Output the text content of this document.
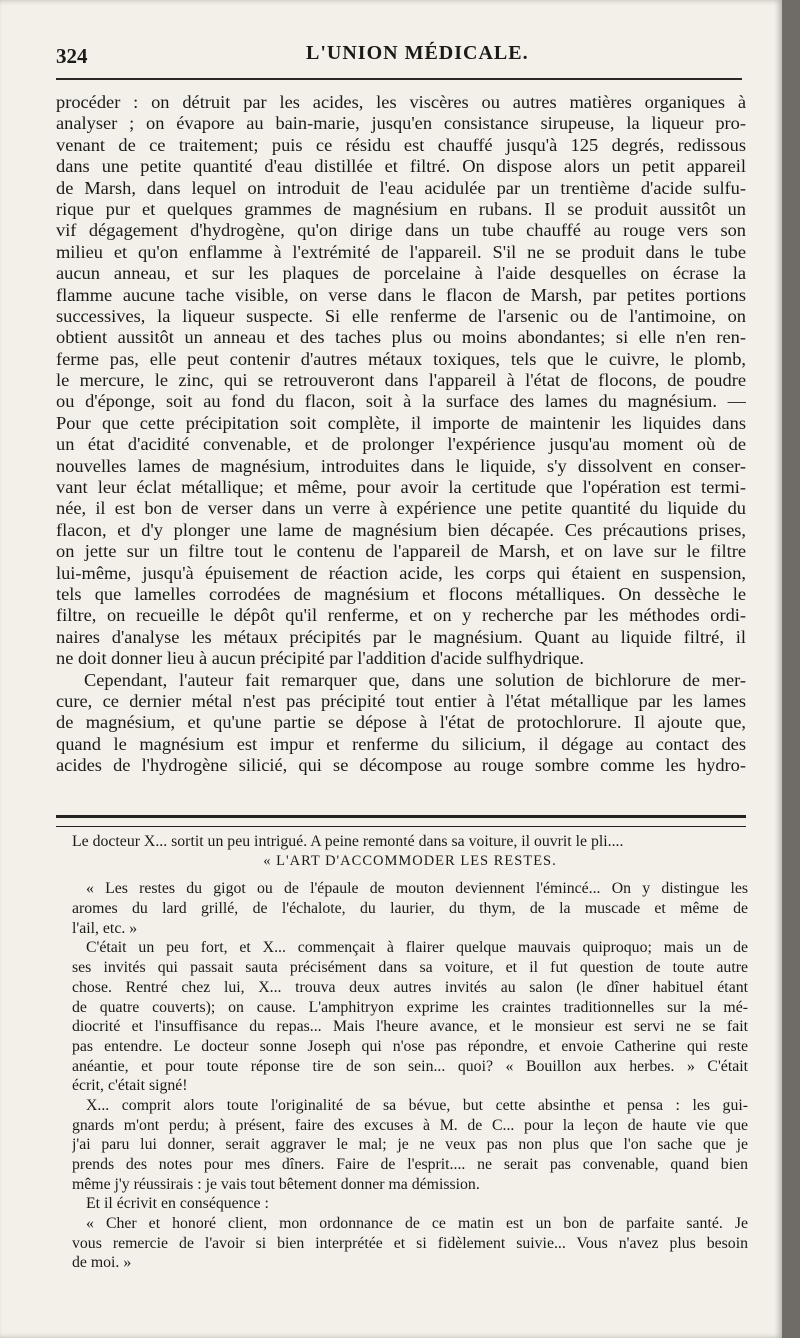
324	L'UNION MÉDICALE.
procéder : on détruit par les acides, les viscères ou autres matières organiques à
analyser ; on évapore au bain-marie, jusqu'en consistance sirupeuse, la liqueur pro-
venant de ce traitement; puis ce résidu est chauffé jusqu'à 125 degrés, redissous
dans une petite quantité d'eau distillée et filtré. On dispose alors un petit appareil
de Marsh, dans lequel on introduit de l'eau acidulée par un trentième d'acide sulfu-
rique pur et quelques grammes de magnésium en rubans. Il se produit aussitôt un
vif dégagement d'hydrogène, qu'on dirige dans un tube chauffé au rouge vers son
milieu et qu'on enflamme à l'extrémité de l'appareil. S'il ne se produit dans le tube
aucun anneau, et sur les plaques de porcelaine à l'aide desquelles on écrase la
flamme aucune tache visible, on verse dans le flacon de Marsh, par petites portions
successives, la liqueur suspecte. Si elle renferme de l'arsenic ou de l'antimoine, on
obtient aussitôt un anneau et des taches plus ou moins abondantes; si elle n'en ren-
ferme pas, elle peut contenir d'autres métaux toxiques, tels que le cuivre, le plomb,
le mercure, le zinc, qui se retrouveront dans l'appareil à l'état de flocons, de poudre
ou d'éponge, soit au fond du flacon, soit à la surface des lames du magnésium. —
Pour que cette précipitation soit complète, il importe de maintenir les liquides dans
un état d'acidité convenable, et de prolonger l'expérience jusqu'au moment où de
nouvelles lames de magnésium, introduites dans le liquide, s'y dissolvent en conser-
vant leur éclat métallique; et même, pour avoir la certitude que l'opération est termi-
née, il est bon de verser dans un verre à expérience une petite quantité du liquide du
flacon, et d'y plonger une lame de magnésium bien décapée. Ces précautions prises,
on jette sur un filtre tout le contenu de l'appareil de Marsh, et on lave sur le filtre
lui-même, jusqu'à épuisement de réaction acide, les corps qui étaient en suspension,
tels que lamelles corrodées de magnésium et flocons métalliques. On dessèche le
filtre, on recueille le dépôt qu'il renferme, et on y recherche par les méthodes ordi-
naires d'analyse les métaux précipités par le magnésium. Quant au liquide filtré, il
ne doit donner lieu à aucun précipité par l'addition d'acide sulfhydrique.
Cependant, l'auteur fait remarquer que, dans une solution de bichlorure de mer-
cure, ce dernier métal n'est pas précipité tout entier à l'état métallique par les lames
de magnésium, et qu'une partie se dépose à l'état de protochlorure. Il ajoute que,
quand le magnésium est impur et renferme du silicium, il dégage au contact des
acides de l'hydrogène silicié, qui se décompose au rouge sombre comme les hydro-
Le docteur X... sortit un peu intrigué. A peine remonté dans sa voiture, il ouvrit le pli....
« L'ART D'ACCOMMODER LES RESTES.
« Les restes du gigot ou de l'épaule de mouton deviennent l'émincé... On y distingue les
aromes du lard grillé, de l'échalote, du laurier, du thym, de la muscade et même de
l'ail, etc. »
C'était un peu fort, et X... commençait à flairer quelque mauvais quiproquo; mais un de
ses invités qui passait sauta précisément dans sa voiture, et il fut question de toute autre
chose. Rentré chez lui, X... trouva deux autres invités au salon (le dîner habituel étant
de quatre couverts); on cause. L'amphitryon exprime les craintes traditionnelles sur la mé-
diocrité et l'insuffisance du repas... Mais l'heure avance, et le monsieur est servi ne se fait
pas entendre. Le docteur sonne Joseph qui n'ose pas répondre, et envoie Catherine qui reste
anéantie, et pour toute réponse tire de son sein... quoi? « Bouillon aux herbes. » C'était
écrit, c'était signé!
X... comprit alors toute l'originalité de sa bévue, but cette absinthe et pensa : les gui-
gnards m'ont perdu; à présent, faire des excuses à M. de C... pour la leçon de haute vie que
j'ai paru lui donner, serait aggraver le mal; je ne veux pas non plus que l'on sache que je
prends des notes pour mes dîners. Faire de l'esprit.... ne serait pas convenable, quand bien
même j'y réussirais : je vais tout bêtement donner ma démission.
Et il écrivit en conséquence :
« Cher et honoré client, mon ordonnance de ce matin est un bon de parfaite santé. Je
vous remercie de l'avoir si bien interprétée et si fidèlement suivie... Vous n'avez plus besoin
de moi. »
